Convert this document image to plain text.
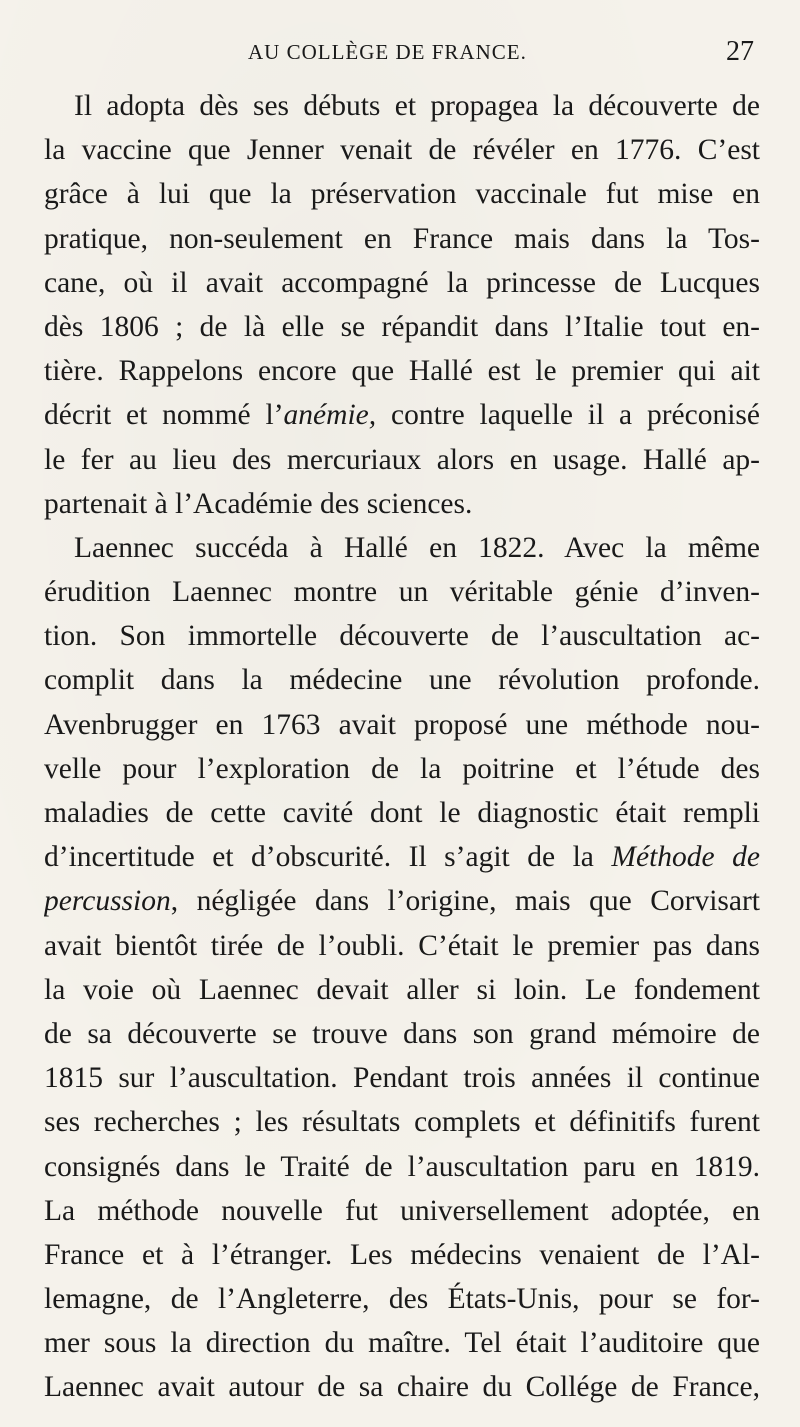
AU COLLÈGE DE FRANCE.	27
Il adopta dès ses débuts et propagea la découverte de
la vaccine que Jenner venait de révéler en 1776. C’est
grâce à lui que la préservation vaccinale fut mise en
pratique, non-seulement en France mais dans la Tos-
cane, où il avait accompagné la princesse de Lucques
dès 1806 ; de là elle se répandit dans l’Italie tout en-
tière. Rappelons encore que Hallé est le premier qui ait
décrit et nommé l’anémie, contre laquelle il a préconisé
le fer au lieu des mercuriaux alors en usage. Hallé ap-
partenait à l’Académie des sciences.
Laennec succéda à Hallé en 1822. Avec la même
érudition Laennec montre un véritable génie d’inven-
tion. Son immortelle découverte de l’auscultation ac-
complit dans la médecine une révolution profonde.
Avenbrugger en 1763 avait proposé une méthode nou-
velle pour l’exploration de la poitrine et l’étude des
maladies de cette cavité dont le diagnostic était rempli
d’incertitude et d’obscurité. Il s’agit de la Méthode de
percussion, négligée dans l’origine, mais que Corvisart
avait bientôt tirée de l’oubli. C’était le premier pas dans
la voie où Laennec devait aller si loin. Le fondement
de sa découverte se trouve dans son grand mémoire de
1815 sur l’auscultation. Pendant trois années il continue
ses recherches ; les résultats complets et définitifs furent
consignés dans le Traité de l’auscultation paru en 1819.
La méthode nouvelle fut universellement adoptée, en
France et à l’étranger. Les médecins venaient de l’Al-
lemagne, de l’Angleterre, des États-Unis, pour se for-
mer sous la direction du maître. Tel était l’auditoire que
Laennec avait autour de sa chaire du Collége de France,
